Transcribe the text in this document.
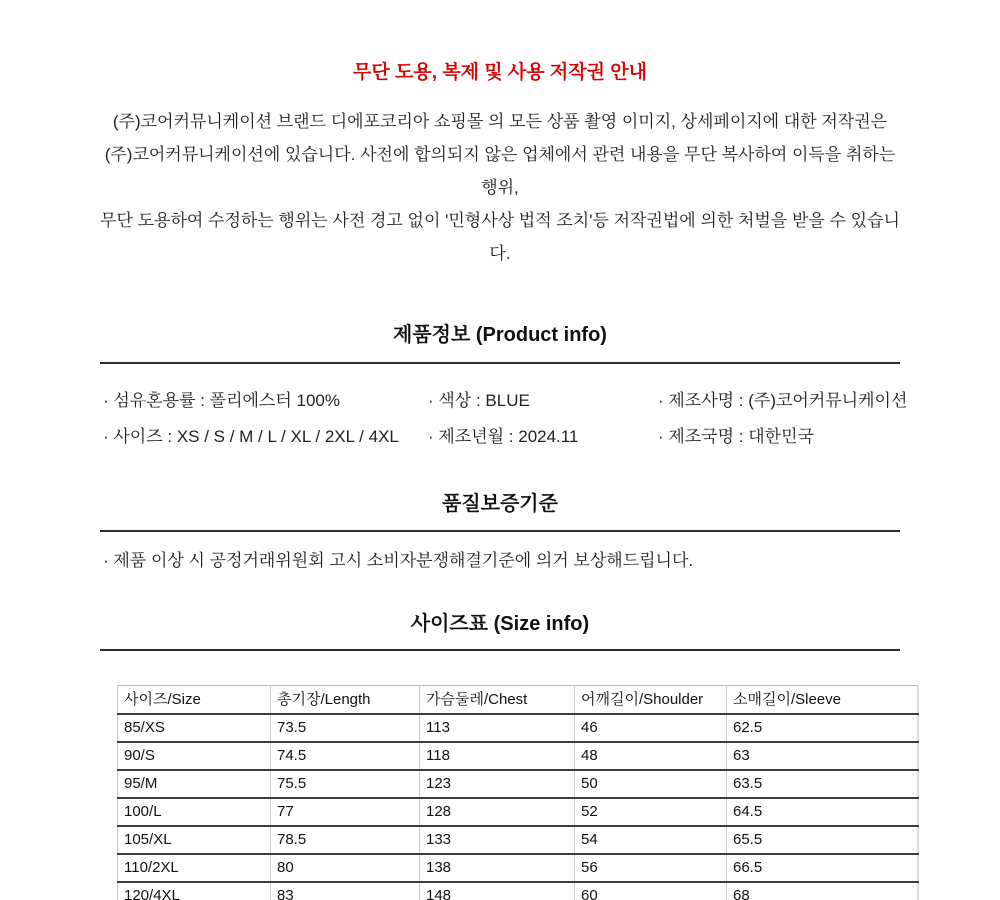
무단 도용, 복제 및 사용 저작권 안내
(주)코어커뮤니케이션 브랜드 디에포코리아 쇼핑몰 의 모든 상품 촬영 이미지, 상세페이지에 대한 저작권은
(주)코어커뮤니케이션에 있습니다. 사전에 합의되지 않은 업체에서 관련 내용을 무단 복사하여 이득을 취하는 행위,
무단 도용하여 수정하는 행위는 사전 경고 없이 '민형사상 법적 조치'등 저작권법에 의한 처벌을 받을 수 있습니다.
제품정보 (Product info)
· 섬유혼용률 : 폴리에스터 100%
· 사이즈 : XS / S / M / L / XL / 2XL / 4XL
· 색상 : BLUE
· 제조년월 : 2024.11
· 제조사명 : (주)코어커뮤니케이션
· 제조국명 : 대한민국
품질보증기준
· 제품 이상 시 공정거래위원회 고시 소비자분쟁해결기준에 의거 보상해드립니다.
사이즈표 (Size info)
사이즈/Size	총기장/Length	가슴둘레/Chest	어깨길이/Shoulder	소매길이/Sleeve
85/XS	73.5	113	46	62.5
90/S	74.5	118	48	63
95/M	75.5	123	50	63.5
100/L	77	128	52	64.5
105/XL	78.5	133	54	65.5
110/2XL	80	138	56	66.5
120/4XL	83	148	60	68
